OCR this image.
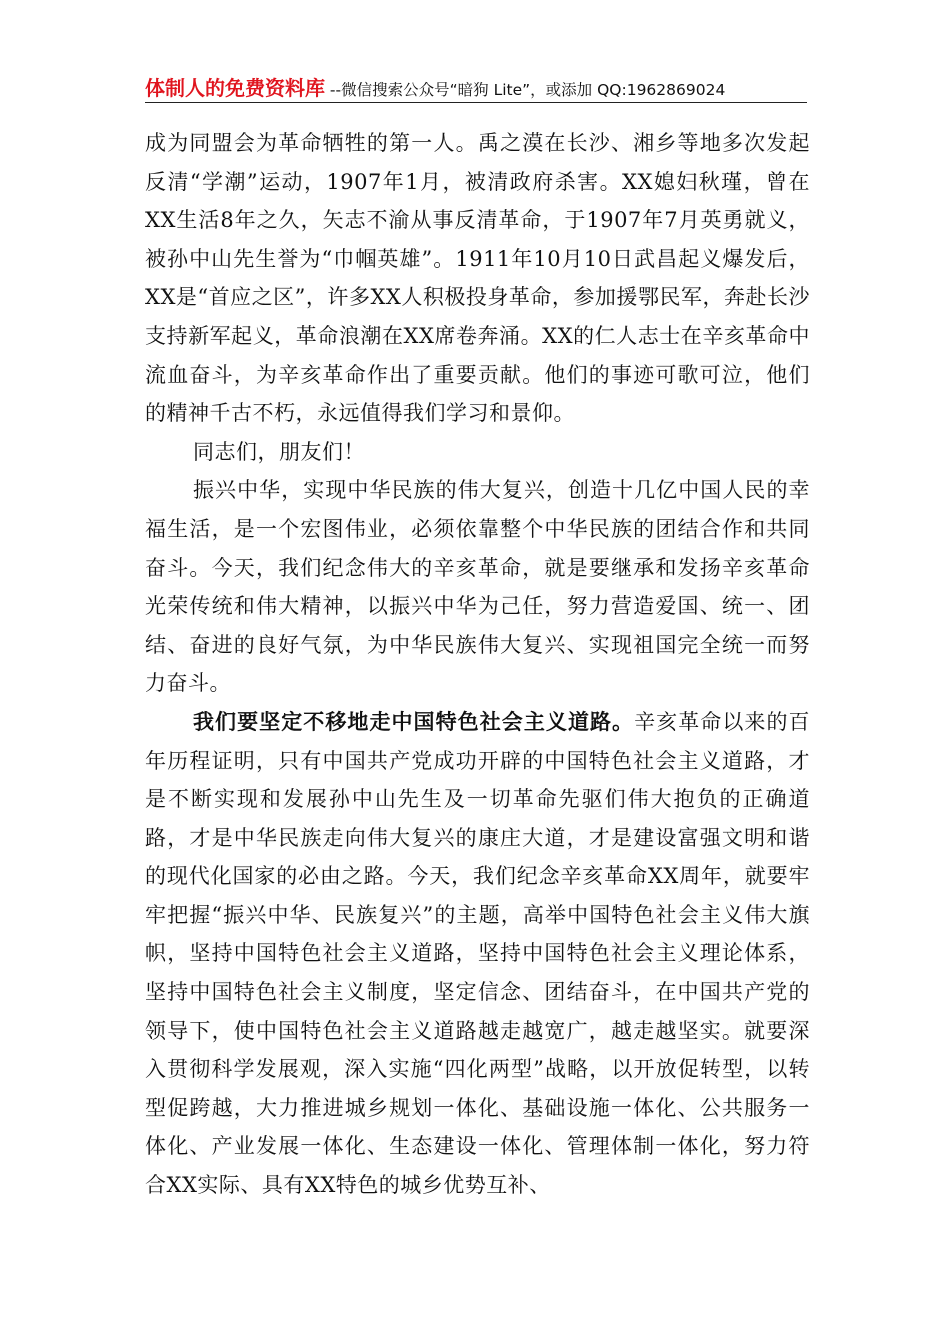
体制人的免费资料库 --微信搜索公众号“暗狗 Lite”，或添加 QQ:1962869024

成为同盟会为革命牺牲的第一人。禹之漠在长沙、湘乡等地多次发起反清“学潮”运动，1907年1月，被清政府杀害。XX媳妇秋瑾，曾在XX生活8年之久，矢志不渝从事反清革命，于1907年7月英勇就义，被孙中山先生誉为“巾帼英雄”。1911年10月10日武昌起义爆发后，XX是“首应之区”，许多XX人积极投身革命，参加援鄂民军，奔赴长沙支持新军起义，革命浪潮在XX席卷奔涌。XX的仁人志士在辛亥革命中流血奋斗，为辛亥革命作出了重要贡献。他们的事迹可歌可泣，他们的精神千古不朽，永远值得我们学习和景仰。

同志们，朋友们！

振兴中华，实现中华民族的伟大复兴，创造十几亿中国人民的幸福生活，是一个宏图伟业，必须依靠整个中华民族的团结合作和共同奋斗。今天，我们纪念伟大的辛亥革命，就是要继承和发扬辛亥革命光荣传统和伟大精神，以振兴中华为己任，努力营造爱国、统一、团结、奋进的良好气氛，为中华民族伟大复兴、实现祖国完全统一而努力奋斗。

我们要坚定不移地走中国特色社会主义道路。辛亥革命以来的百年历程证明，只有中国共产党成功开辟的中国特色社会主义道路，才是不断实现和发展孙中山先生及一切革命先驱们伟大抱负的正确道路，才是中华民族走向伟大复兴的康庄大道，才是建设富强文明和谐的现代化国家的必由之路。今天，我们纪念辛亥革命XX周年，就要牢牢把握“振兴中华、民族复兴”的主题，高举中国特色社会主义伟大旗帜，坚持中国特色社会主义道路，坚持中国特色社会主义理论体系，坚持中国特色社会主义制度，坚定信念、团结奋斗，在中国共产党的领导下，使中国特色社会主义道路越走越宽广，越走越坚实。就要深入贯彻科学发展观，深入实施“四化两型”战略，以开放促转型，以转型促跨越，大力推进城乡规划一体化、基础设施一体化、公共服务一体化、产业发展一体化、生态建设一体化、管理体制一体化，努力符合XX实际、具有XX特色的城乡优势互补、
